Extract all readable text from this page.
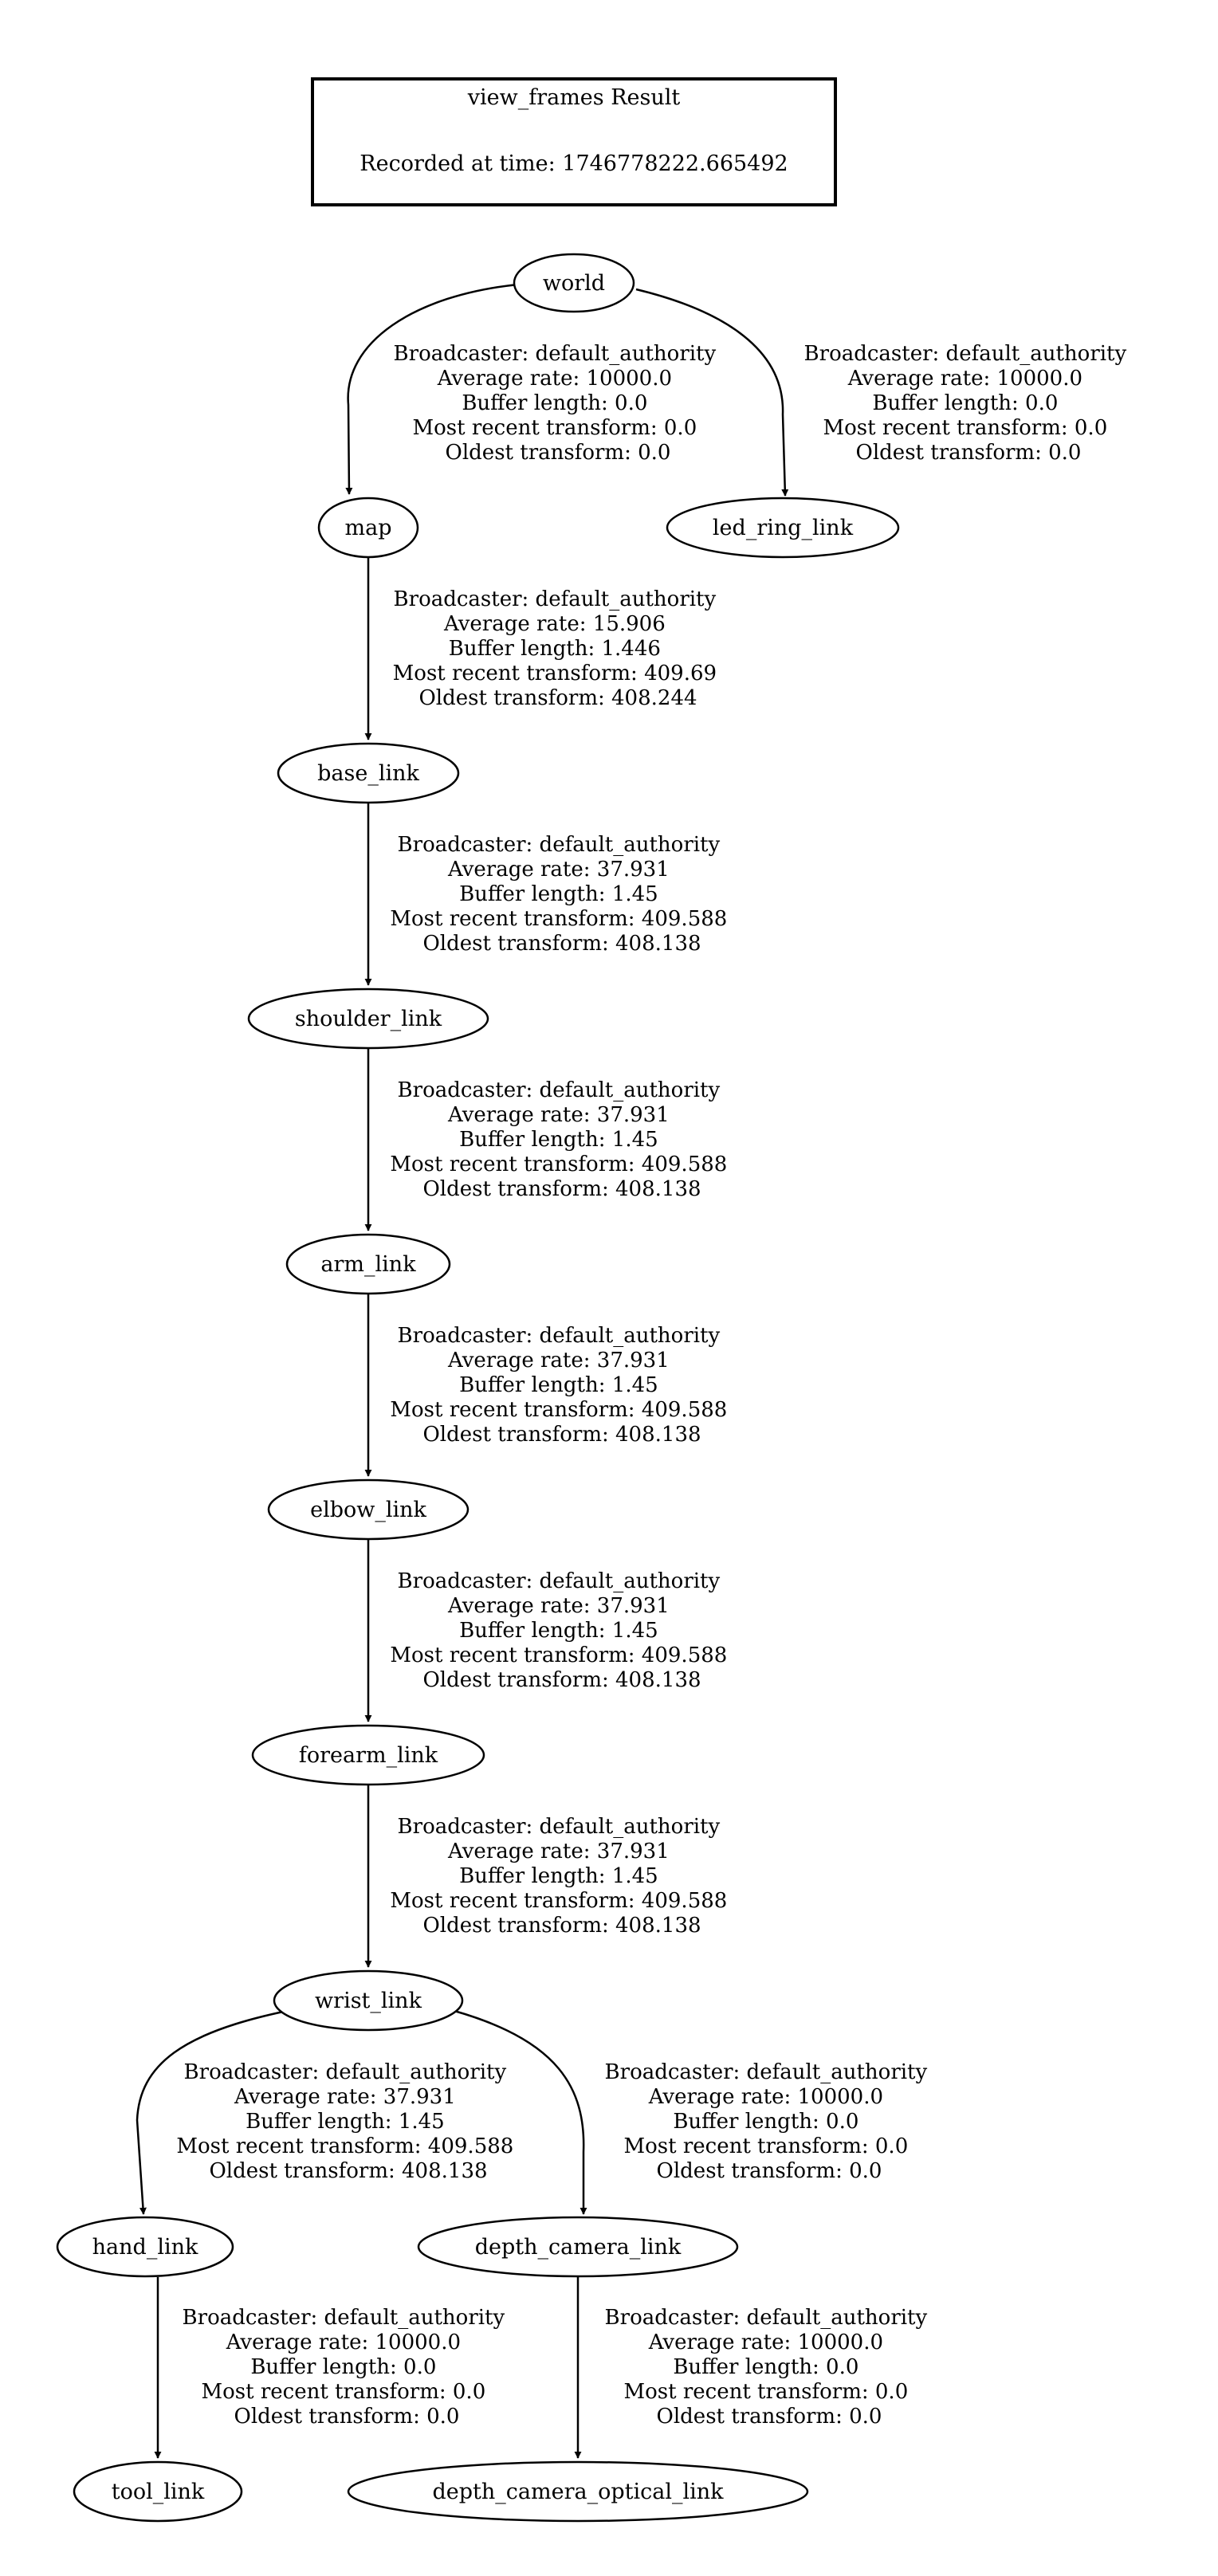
view_frames Result
Recorded at time: 1746778222.665492
world
map	led_ring_link
base_link
shoulder_link
arm_link
elbow_link
forearm_link
wrist_link
hand_link	depth_camera_link
tool_link	depth_camera_optical_link
Broadcaster: default_authority Average rate: 10000.0 Buffer length: 0.0 Most recent transform: 0.0 Oldest transform: 0.0
Broadcaster: default_authority Average rate: 10000.0 Buffer length: 0.0 Most recent transform: 0.0 Oldest transform: 0.0
Broadcaster: default_authority Average rate: 15.906 Buffer length: 1.446 Most recent transform: 409.69 Oldest transform: 408.244
Broadcaster: default_authority Average rate: 37.931 Buffer length: 1.45 Most recent transform: 409.588 Oldest transform: 408.138
Broadcaster: default_authority Average rate: 37.931 Buffer length: 1.45 Most recent transform: 409.588 Oldest transform: 408.138
Broadcaster: default_authority Average rate: 37.931 Buffer length: 1.45 Most recent transform: 409.588 Oldest transform: 408.138
Broadcaster: default_authority Average rate: 37.931 Buffer length: 1.45 Most recent transform: 409.588 Oldest transform: 408.138
Broadcaster: default_authority Average rate: 37.931 Buffer length: 1.45 Most recent transform: 409.588 Oldest transform: 408.138
Broadcaster: default_authority Average rate: 37.931 Buffer length: 1.45 Most recent transform: 409.588 Oldest transform: 408.138
Broadcaster: default_authority Average rate: 10000.0 Buffer length: 0.0 Most recent transform: 0.0 Oldest transform: 0.0
Broadcaster: default_authority Average rate: 10000.0 Buffer length: 0.0 Most recent transform: 0.0 Oldest transform: 0.0
Broadcaster: default_authority Average rate: 10000.0 Buffer length: 0.0 Most recent transform: 0.0 Oldest transform: 0.0
